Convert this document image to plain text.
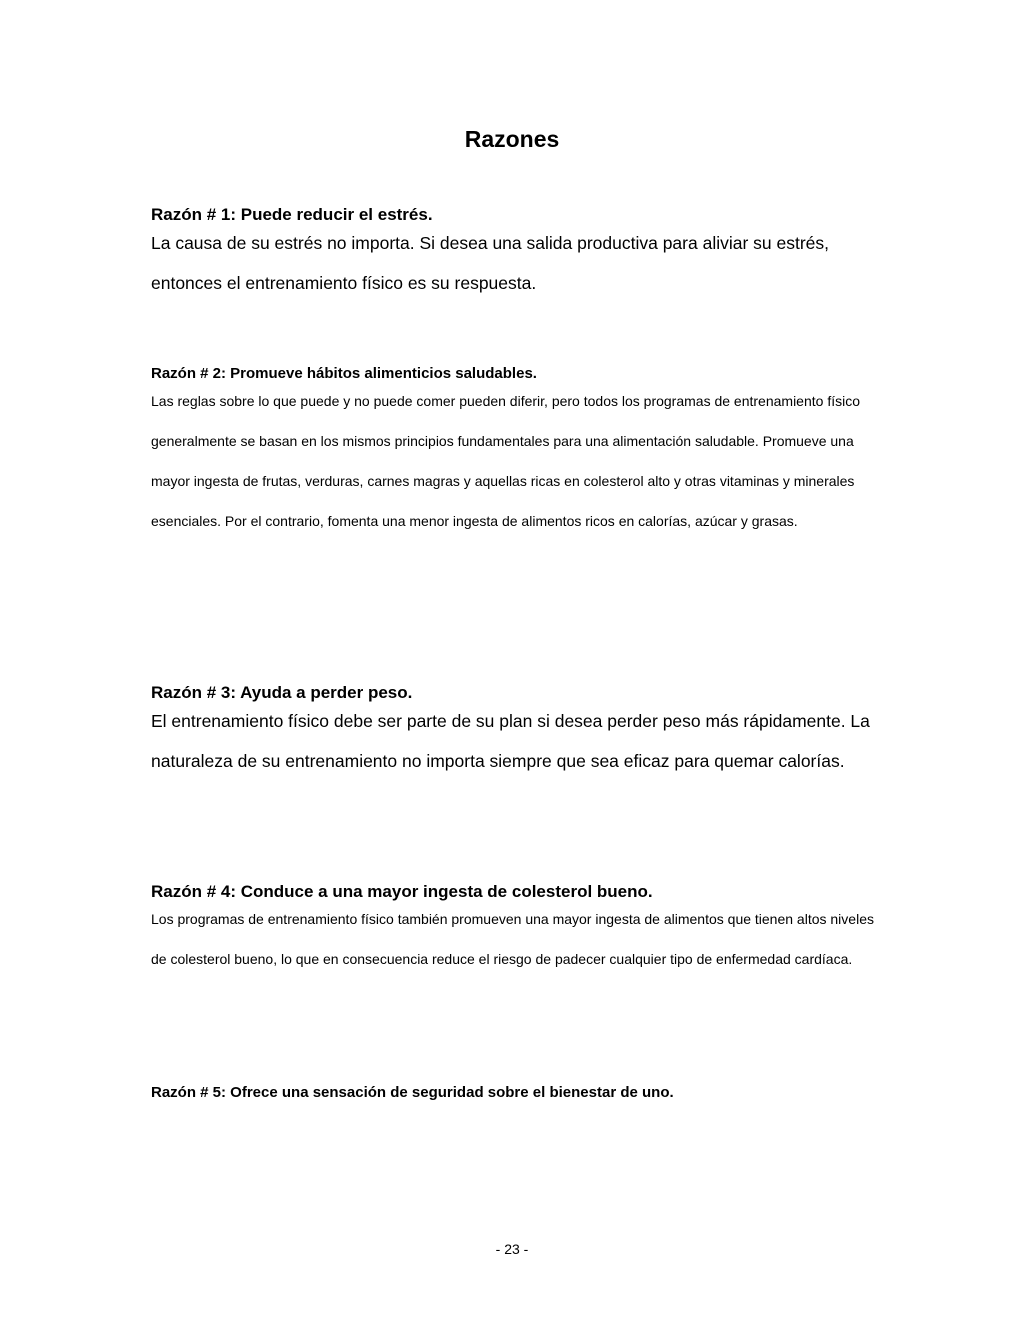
Razones

Razón # 1: Puede reducir el estrés.

La causa de su estrés no importa. Si desea una salida productiva para aliviar su estrés, entonces el entrenamiento físico es su respuesta.

Razón # 2: Promueve hábitos alimenticios saludables.

Las reglas sobre lo que puede y no puede comer pueden diferir, pero todos los programas de entrenamiento físico generalmente se basan en los mismos principios fundamentales para una alimentación saludable. Promueve una mayor ingesta de frutas, verduras, carnes magras y aquellas ricas en colesterol alto y otras vitaminas y minerales esenciales. Por el contrario, fomenta una menor ingesta de alimentos ricos en calorías, azúcar y grasas.

Razón # 3: Ayuda a perder peso.

El entrenamiento físico debe ser parte de su plan si desea perder peso más rápidamente. La naturaleza de su entrenamiento no importa siempre que sea eficaz para quemar calorías.

Razón # 4: Conduce a una mayor ingesta de colesterol bueno.

Los programas de entrenamiento físico también promueven una mayor ingesta de alimentos que tienen altos niveles de colesterol bueno, lo que en consecuencia reduce el riesgo de padecer cualquier tipo de enfermedad cardíaca.

Razón # 5: Ofrece una sensación de seguridad sobre el bienestar de uno.

- 23 -
